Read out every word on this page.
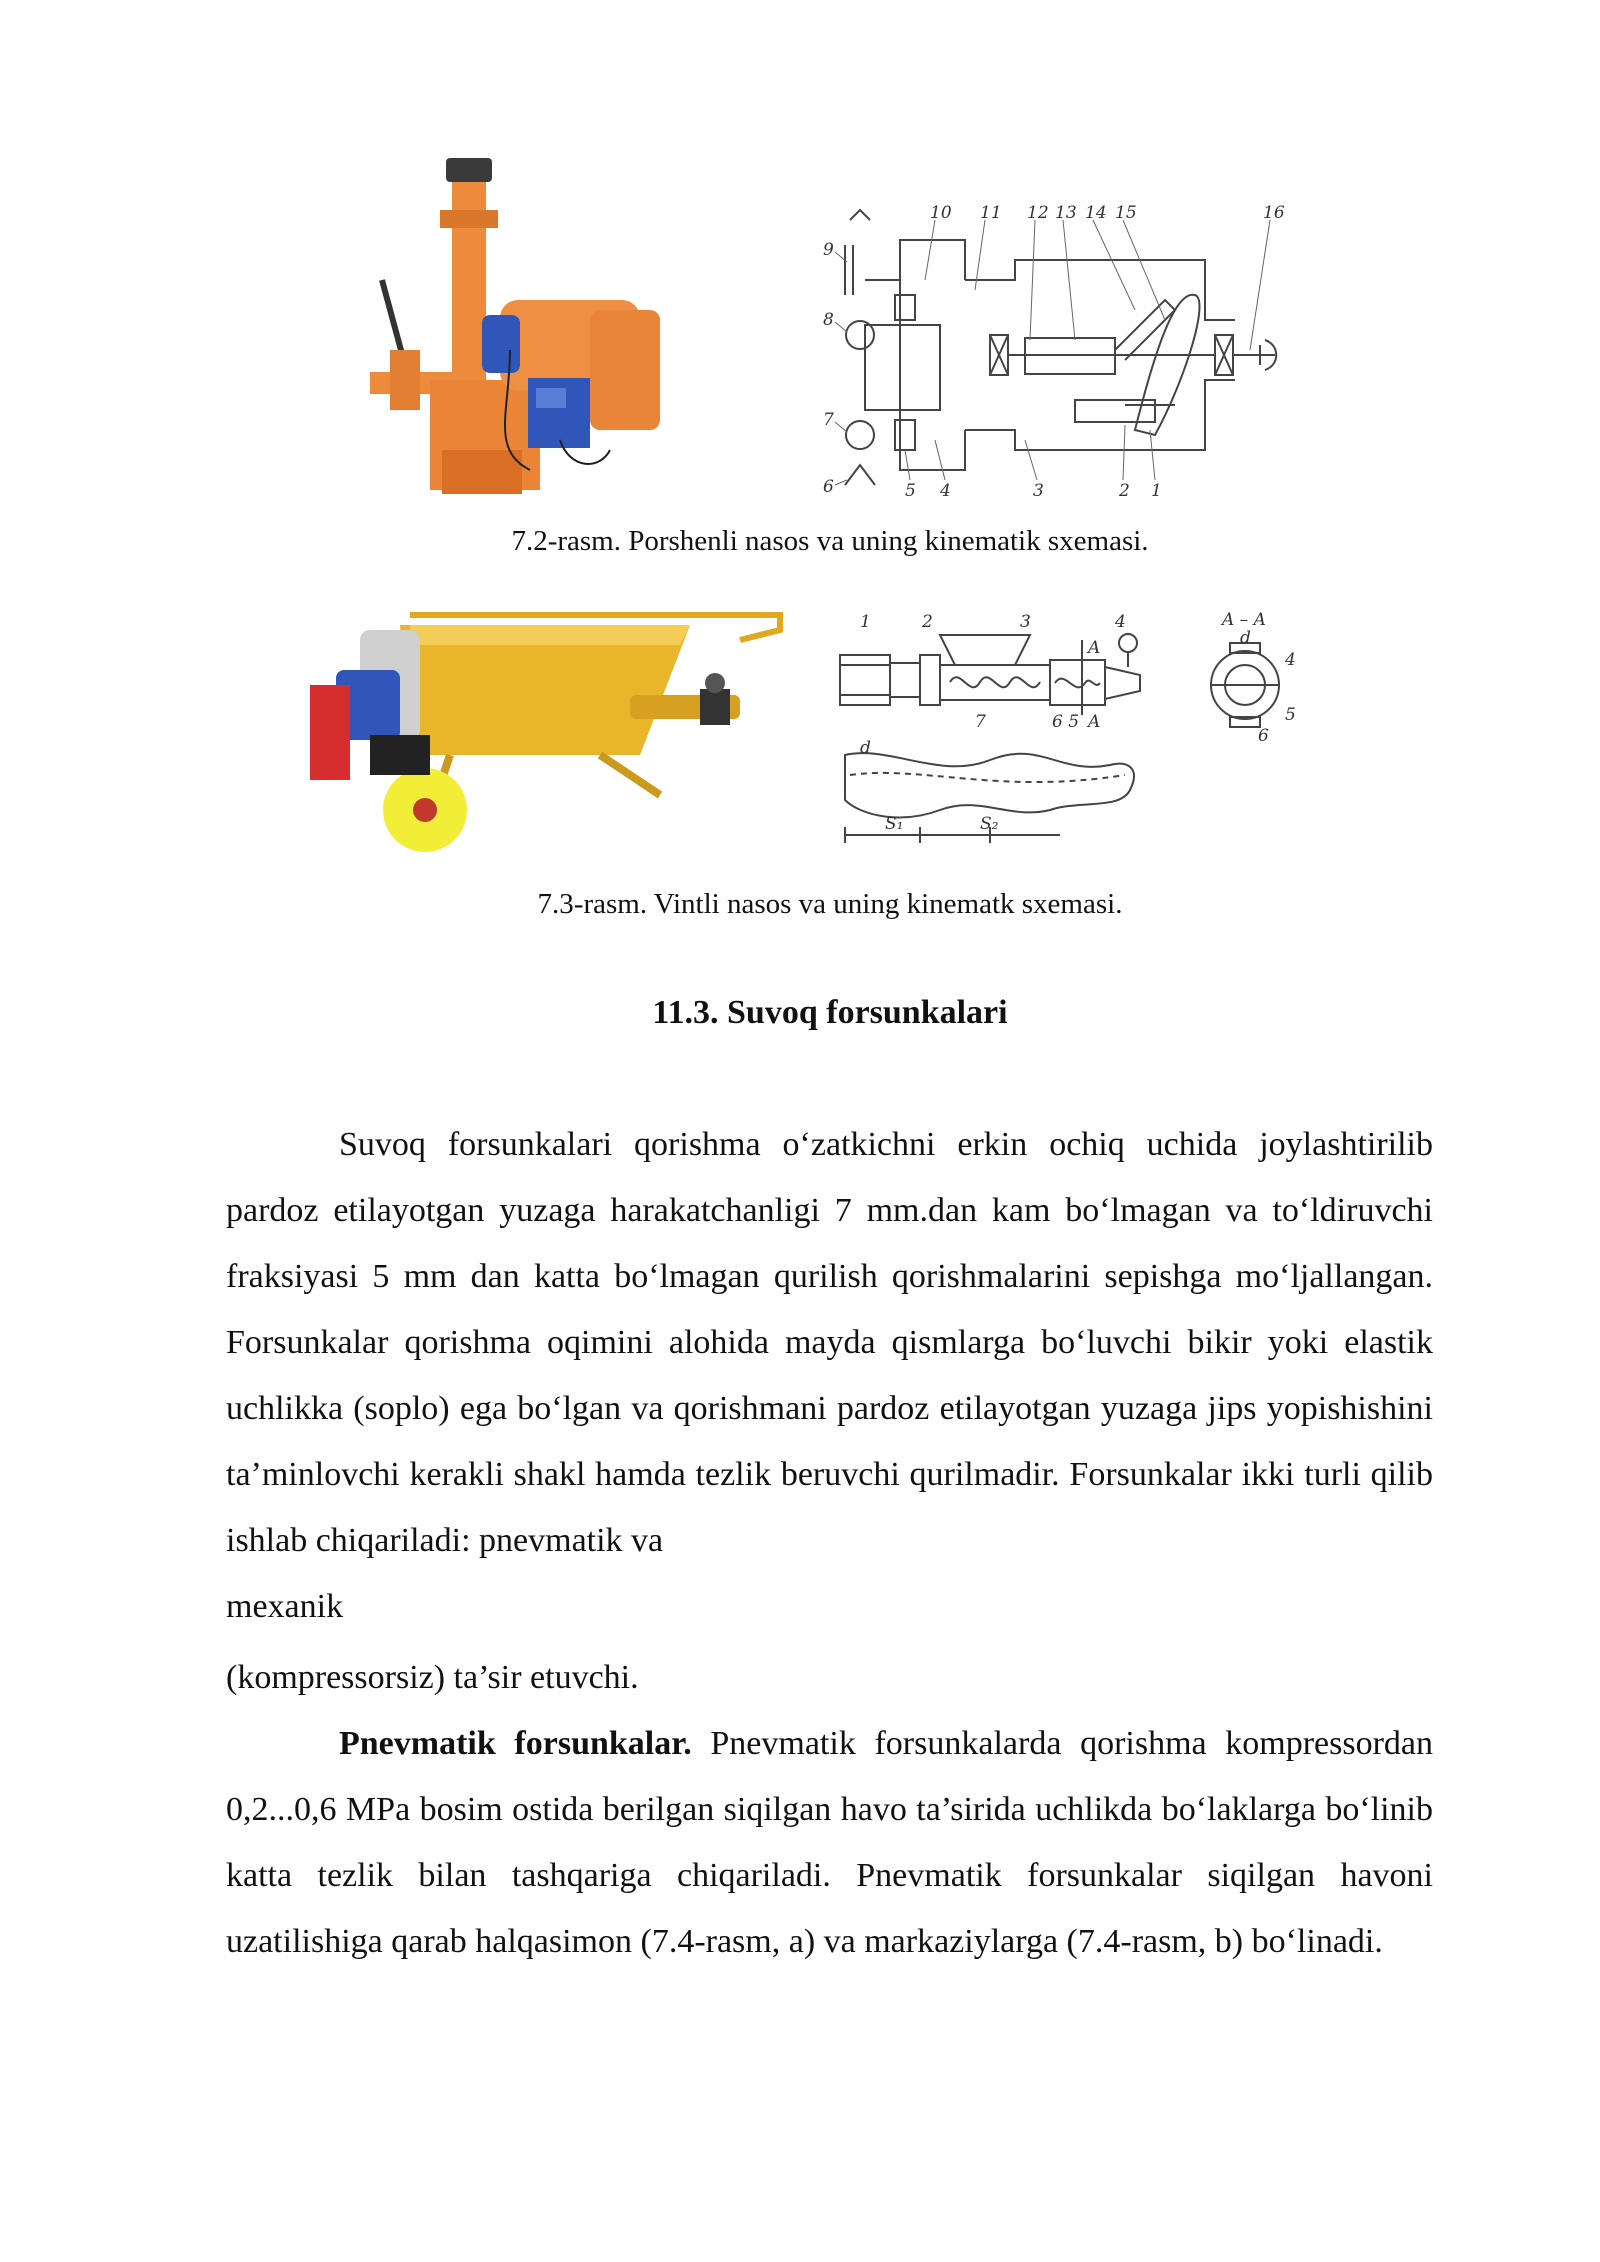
10 11 12 13 14 15	16
9
8
7
6	5 4	3	2 1
7.2-rasm. Porshenli nasos va uning kinematik sxemasi.
1	2	3	4
A
A
A – A
d
4
5
6
7	6 5
d
S₁	S₂
7.3-rasm. Vintli nasos va uning kinematk sxemasi.
11.3. Suvoq forsunkalari

Suvoq forsunkalari qorishma o‘zatkichni erkin ochiq uchida joylashtirilib pardoz etilayotgan yuzaga harakatchanligi 7 mm.dan kam bo‘lmagan va to‘ldiruvchi fraksiyasi 5 mm dan katta bo‘lmagan qurilish qorishmalarini sepishga mo‘ljallangan. Forsunkalar qorishma oqimini alohida mayda qismlarga bo‘luvchi bikir yoki elastik uchlikka (soplo) ega bo‘lgan va qorishmani pardoz etilayotgan yuzaga jips yopishishini ta’minlovchi kerakli shakl hamda tezlik beruvchi qurilmadir. Forsunkalar ikki turli qilib ishlab chiqariladi: pnevmatik va

mexanik

(kompressorsiz) ta’sir etuvchi.

Pnevmatik forsunkalar. Pnevmatik forsunkalarda qorishma kompressordan 0,2...0,6 MPa bosim ostida berilgan siqilgan havo ta’sirida uchlikda bo‘laklarga bo‘linib katta tezlik bilan tashqariga chiqariladi. Pnevmatik forsunkalar siqilgan havoni uzatilishiga qarab halqasimon (7.4-rasm, a) va markaziylarga (7.4-rasm, b) bo‘linadi.
